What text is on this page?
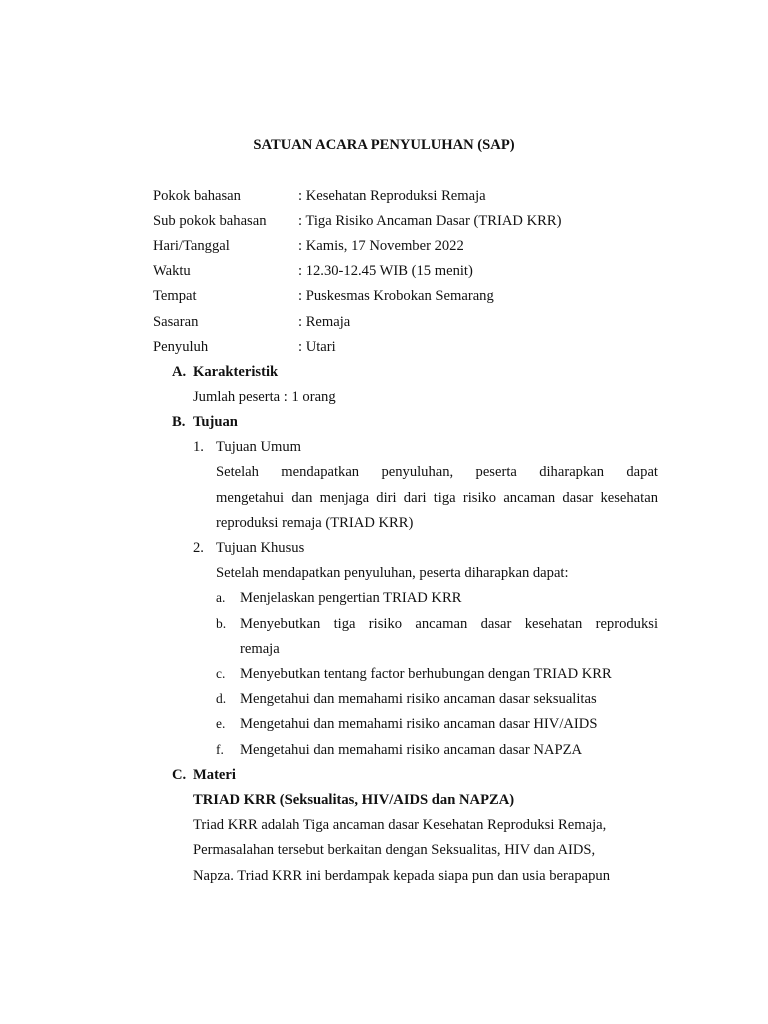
SATUAN ACARA PENYULUHAN (SAP)
Pokok bahasan	: Kesehatan Reproduksi Remaja
Sub pokok bahasan : Tiga Risiko Ancaman Dasar (TRIAD KRR)
Hari/Tanggal	: Kamis, 17 November 2022
Waktu	: 12.30-12.45 WIB (15 menit)
Tempat	: Puskesmas Krobokan Semarang
Sasaran	: Remaja
Penyuluh	: Utari
A. Karakteristik
Jumlah peserta : 1 orang
B. Tujuan
1. Tujuan Umum
Setelah mendapatkan penyuluhan, peserta diharapkan dapat
mengetahui dan menjaga diri dari tiga risiko ancaman dasar kesehatan
reproduksi remaja (TRIAD KRR)
2. Tujuan Khusus
Setelah mendapatkan penyuluhan, peserta diharapkan dapat:
a. Menjelaskan pengertian TRIAD KRR
b. Menyebutkan tiga risiko ancaman dasar kesehatan reproduksi
remaja
c. Menyebutkan tentang factor berhubungan dengan TRIAD KRR
d. Mengetahui dan memahami risiko ancaman dasar seksualitas
e. Mengetahui dan memahami risiko ancaman dasar HIV/AIDS
f. Mengetahui dan memahami risiko ancaman dasar NAPZA
C. Materi
TRIAD KRR (Seksualitas, HIV/AIDS dan NAPZA)
Triad KRR adalah Tiga ancaman dasar Kesehatan Reproduksi Remaja,
Permasalahan tersebut berkaitan dengan Seksualitas, HIV dan AIDS,
Napza. Triad KRR ini berdampak kepada siapa pun dan usia berapapun
